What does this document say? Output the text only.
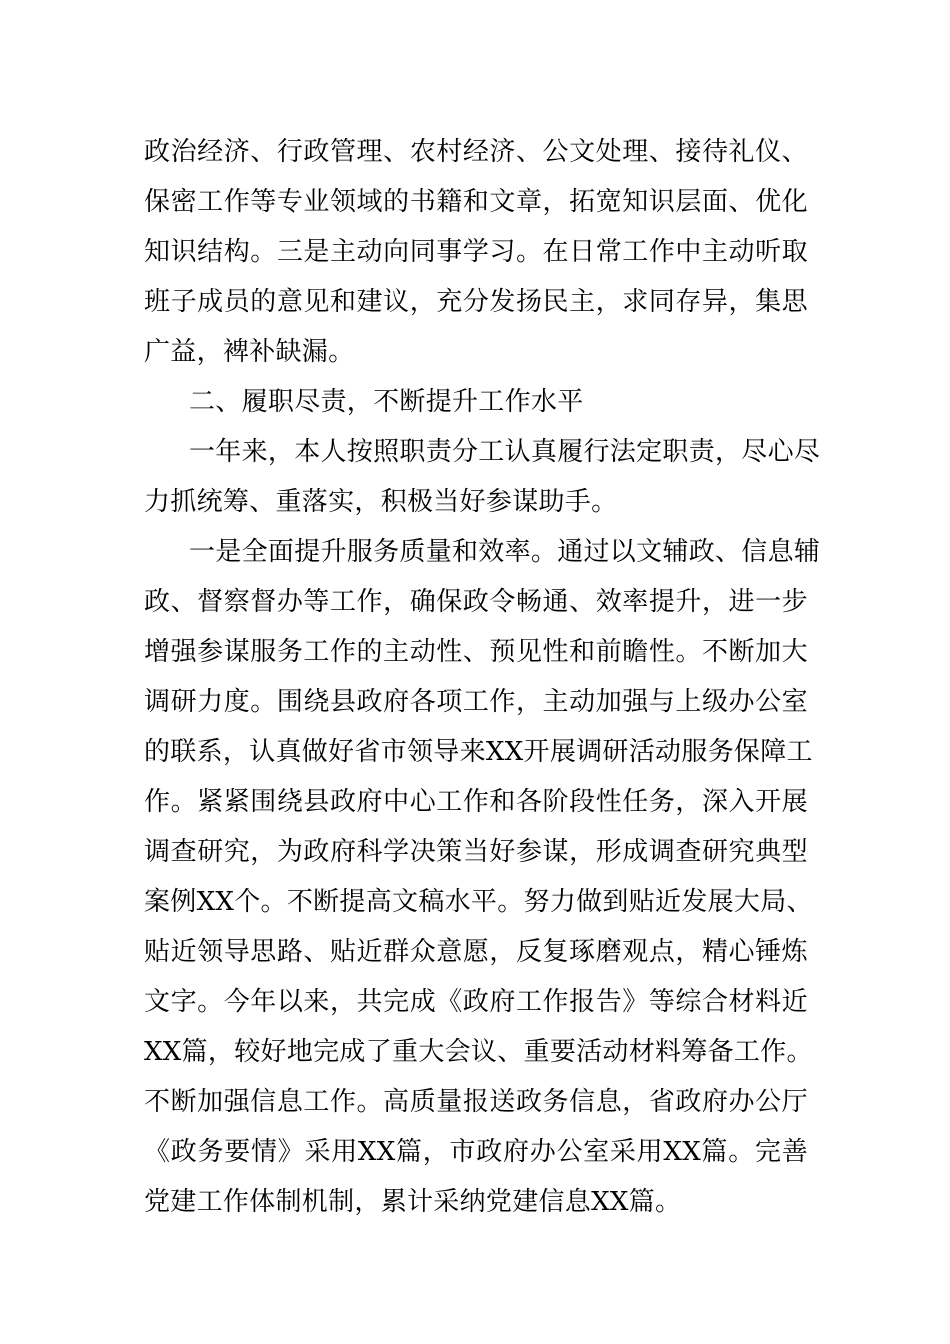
政治经济、行政管理、农村经济、公文处理、接待礼仪、
保密工作等专业领域的书籍和文章，拓宽知识层面、优化
知识结构。三是主动向同事学习。在日常工作中主动听取
班子成员的意见和建议，充分发扬民主，求同存异，集思
广益，裨补缺漏。
二、履职尽责，不断提升工作水平
一年来，本人按照职责分工认真履行法定职责，尽心尽
力抓统筹、重落实，积极当好参谋助手。
一是全面提升服务质量和效率。通过以文辅政、信息辅
政、督察督办等工作，确保政令畅通、效率提升，进一步
增强参谋服务工作的主动性、预见性和前瞻性。不断加大
调研力度。围绕县政府各项工作，主动加强与上级办公室
的联系，认真做好省市领导来XX开展调研活动服务保障工
作。紧紧围绕县政府中心工作和各阶段性任务，深入开展
调查研究，为政府科学决策当好参谋，形成调查研究典型
案例XX个。不断提高文稿水平。努力做到贴近发展大局、
贴近领导思路、贴近群众意愿，反复琢磨观点，精心锤炼
文字。今年以来，共完成《政府工作报告》等综合材料近
XX篇，较好地完成了重大会议、重要活动材料筹备工作。
不断加强信息工作。高质量报送政务信息，省政府办公厅
《政务要情》采用XX篇，市政府办公室采用XX篇。完善
党建工作体制机制，累计采纳党建信息XX篇。
